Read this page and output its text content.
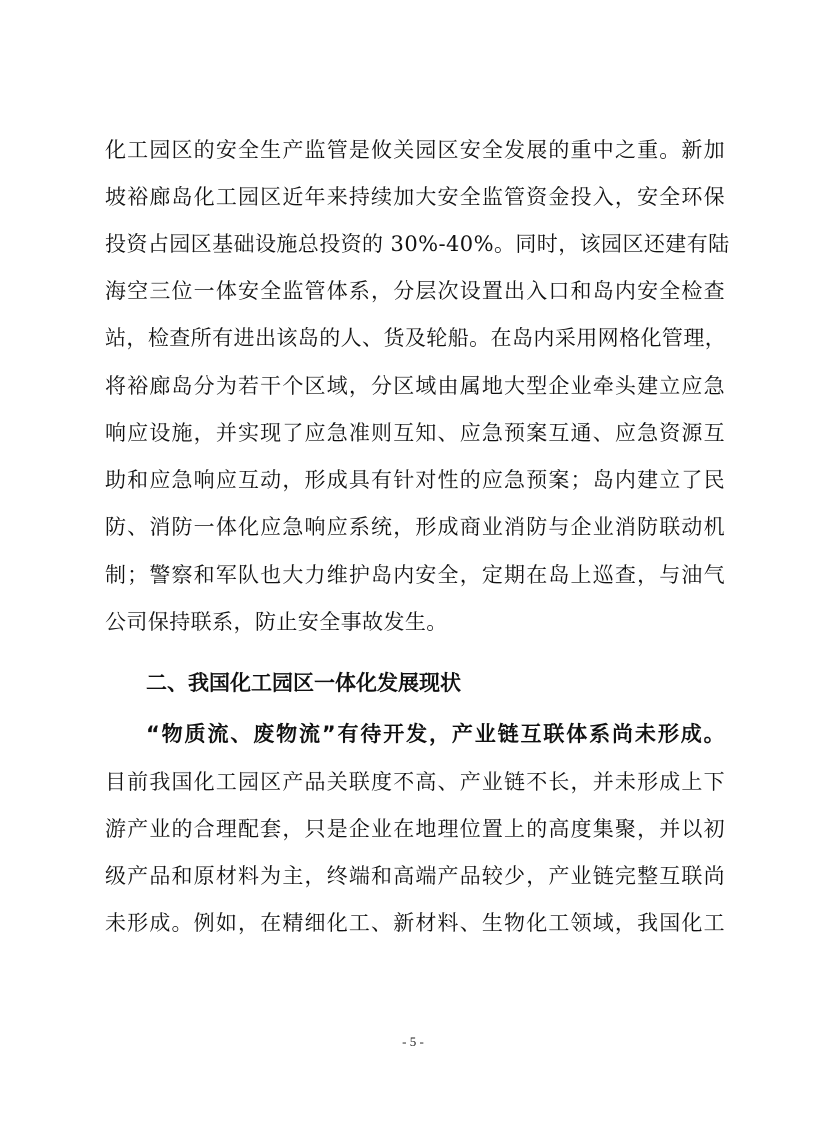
化工园区的安全生产监管是攸关园区安全发展的重中之重。新加
坡裕廊岛化工园区近年来持续加大安全监管资金投入，安全环保
投资占园区基础设施总投资的 30%-40%。同时，该园区还建有陆
海空三位一体安全监管体系，分层次设置出入口和岛内安全检查
站，检查所有进出该岛的人、货及轮船。在岛内采用网格化管理，
将裕廊岛分为若干个区域，分区域由属地大型企业牵头建立应急
响应设施，并实现了应急准则互知、应急预案互通、应急资源互
助和应急响应互动，形成具有针对性的应急预案；岛内建立了民
防、消防一体化应急响应系统，形成商业消防与企业消防联动机
制；警察和军队也大力维护岛内安全，定期在岛上巡查，与油气
公司保持联系，防止安全事故发生。
二、我国化工园区一体化发展现状
“物质流、废物流”有待开发，产业链互联体系尚未形成。
目前我国化工园区产品关联度不高、产业链不长，并未形成上下
游产业的合理配套，只是企业在地理位置上的高度集聚，并以初
级产品和原材料为主，终端和高端产品较少，产业链完整互联尚
未形成。例如，在精细化工、新材料、生物化工领域，我国化工
- 5 -
